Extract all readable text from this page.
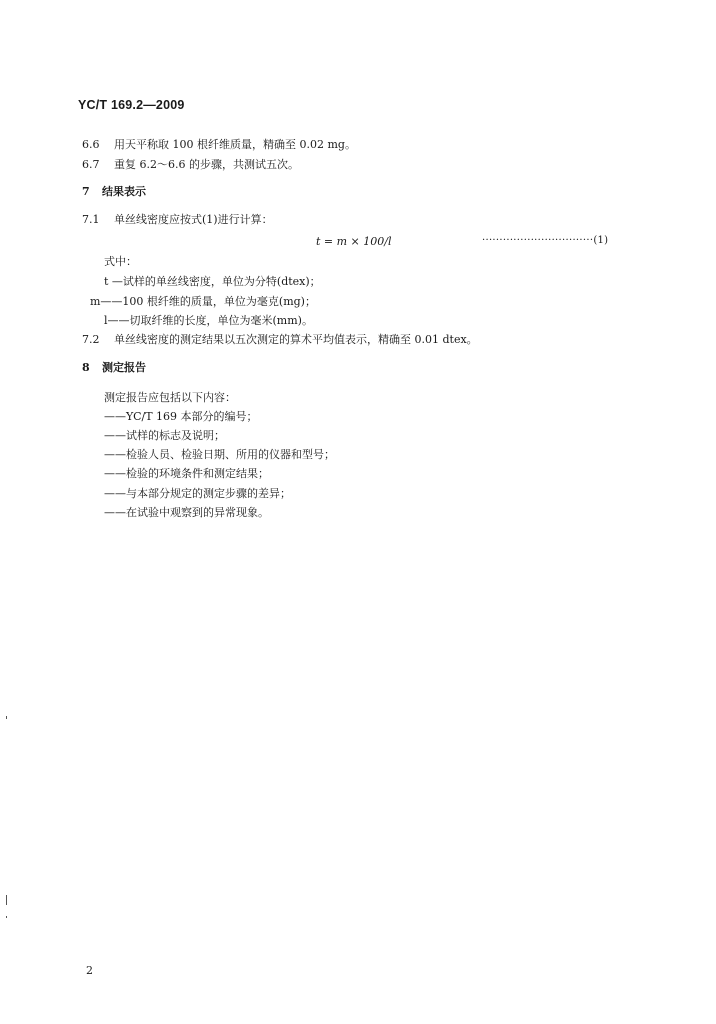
YC/T 169.2—2009
6.6 用天平称取 100 根纤维质量，精确至 0.02 mg。
6.7 重复 6.2～6.6 的步骤，共测试五次。
7 结果表示
7.1 单丝线密度应按式(1)进行计算：
t = m × 100/l	································(1)
式中：
t —试样的单丝线密度，单位为分特(dtex)；
m——100 根纤维的质量，单位为毫克(mg)；
l——切取纤维的长度，单位为毫米(mm)。
7.2 单丝线密度的测定结果以五次测定的算术平均值表示，精确至 0.01 dtex。
8 测定报告
测定报告应包括以下内容：
——YC/T 169 本部分的编号；
——试样的标志及说明；
——检验人员、检验日期、所用的仪器和型号；
——检验的环境条件和测定结果；
——与本部分规定的测定步骤的差异；
——在试验中观察到的异常现象。
2
